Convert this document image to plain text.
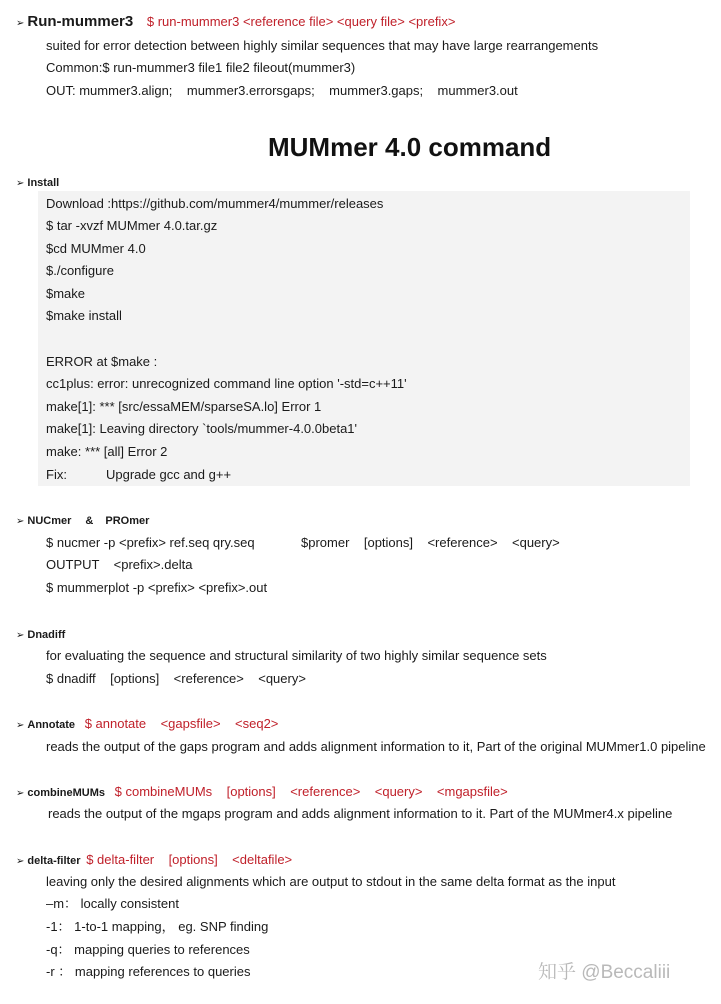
➢ Run-mummer3 $ run-mummer3 <reference file> <query file> <prefix>
suited for error detection between highly similar sequences that may have large rearrangements
Common:$ run-mummer3 file1 file2 fileout(mummer3)
OUT: mummer3.align;    mummer3.errorsgaps;    mummer3.gaps;    mummer3.out
MUMmer 4.0 command
➢ Install
Download :https://github.com/mummer4/mummer/releases
$ tar -xvzf MUMmer 4.0.tar.gz
$cd MUMmer 4.0
$./configure
$make
$make install
ERROR at $make :
cc1plus: error: unrecognized command line option '-std=c++11'
make[1]: *** [src/essaMEM/sparseSA.lo] Error 1
make[1]: Leaving directory `tools/mummer-4.0.0beta1'
make: *** [all] Error 2
Fix:	Upgrade gcc and g++
➢ NUCmer & PROmer
$ nucmer -p <prefix> ref.seq qry.seq	$promer    [options]    <reference>    <query>
OUTPUT    <prefix>.delta
$ mummerplot -p <prefix> <prefix>.out
➢ Dnadiff
for evaluating the sequence and structural similarity of two highly similar sequence sets
$ dnadiff    [options]    <reference>    <query>
➢ Annotate $ annotate    <gapsfile>    <seq2>
reads the output of the gaps program and adds alignment information to it, Part of the original MUMmer1.0 pipeline
➢ combineMUMs $ combineMUMs    [options]    <reference>    <query>    <mgapsfile>
reads the output of the mgaps program and adds alignment information to it. Part of the MUMmer4.x pipeline
➢ delta-filter $ delta-filter    [options]    <deltafile>
leaving only the desired alignments which are output to stdout in the same delta format as the input
–m： locally consistent
-1： 1-to-1 mapping， eg. SNP finding
-q： mapping queries to references
-r ： mapping references to queries	知乎 @Beccaliii
